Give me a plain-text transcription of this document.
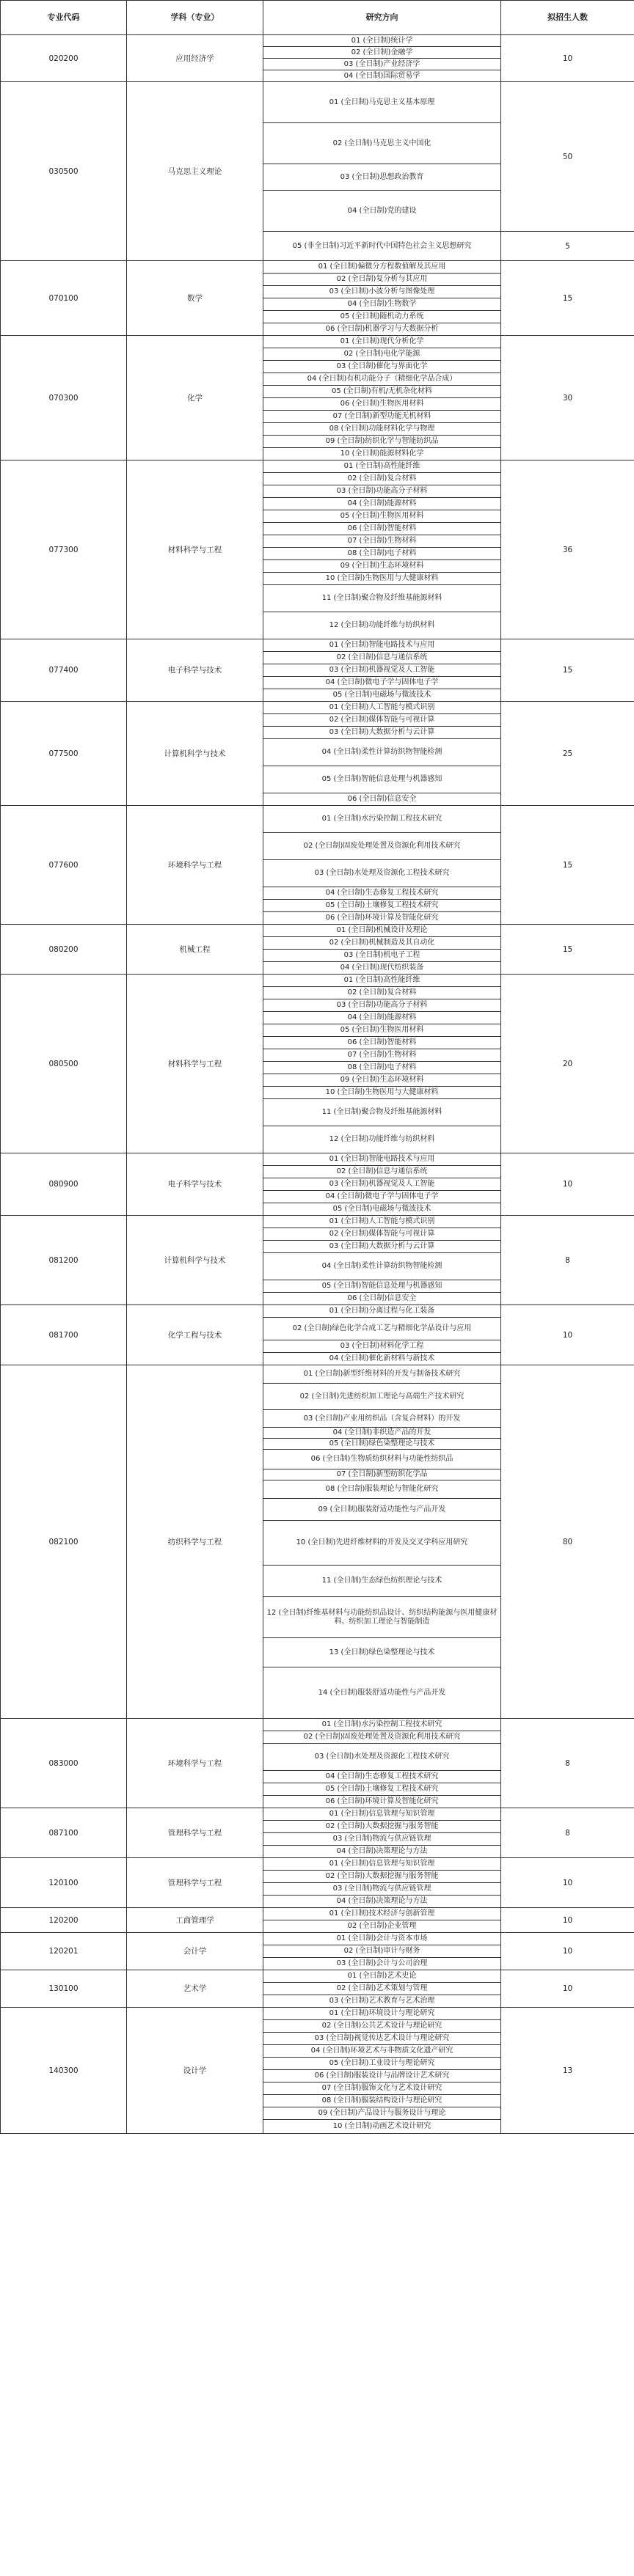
专业代码	学科（专业）	研究方向	拟招生人数
020200	应用经济学	01 (全日制)统计学	10
		02 (全日制)金融学	
		03 (全日制)产业经济学	
		04 (全日制)国际贸易学	
030500	马克思主义理论	01 (全日制)马克思主义基本原理	50
		02 (全日制)马克思主义中国化	
		03 (全日制)思想政治教育	
		04 (全日制)党的建设	
		05 (非全日制)习近平新时代中国特色社会主义思想研究	5
070100	数学	01 (全日制)偏微分方程数值解及其应用	15
		02 (全日制)复分析与其应用	
		03 (全日制)小波分析与图像处理	
		04 (全日制)生物数学	
		05 (全日制)随机动力系统	
		06 (全日制)机器学习与大数据分析	
070300	化学	01 (全日制)现代分析化学	30
		02 (全日制)电化学能源	
		03 (全日制)催化与界面化学	
		04 (全日制)有机功能分子（精细化学品合成）	
		05 (全日制)有机/无机杂化材料	
		06 (全日制)生物医用材料	
		07 (全日制)新型功能无机材料	
		08 (全日制)功能材料化学与物理	
		09 (全日制)纺织化学与智能纺织品	
		10 (全日制)能源材料化学	
077300	材料科学与工程	01 (全日制)高性能纤维	36
		02 (全日制)复合材料	
		03 (全日制)功能高分子材料	
		04 (全日制)能源材料	
		05 (全日制)生物医用材料	
		06 (全日制)智能材料	
		07 (全日制)生物材料	
		08 (全日制)电子材料	
		09 (全日制)生态环境材料	
		10 (全日制)生物医用与大健康材料	
		11 (全日制)聚合物及纤维基能源材料	
		12 (全日制)功能纤维与纺织材料	
077400	电子科学与技术	01 (全日制)智能电路技术与应用	15
		02 (全日制)信息与通信系统	
		03 (全日制)机器视觉及人工智能	
		04 (全日制)微电子学与固体电子学	
		05 (全日制)电磁场与微波技术	
077500	计算机科学与技术	01 (全日制)人工智能与模式识别	25
		02 (全日制)媒体智能与可视计算	
		03 (全日制)大数据分析与云计算	
		04 (全日制)柔性计算纺织物智能检测	
		05 (全日制)智能信息处理与机器感知	
		06 (全日制)信息安全	
077600	环境科学与工程	01 (全日制)水污染控制工程技术研究	15
		02 (全日制)固废处理处置及资源化利用技术研究	
		03 (全日制)水处理及资源化工程技术研究	
		04 (全日制)生态修复工程技术研究	
		05 (全日制)土壤修复工程技术研究	
		06 (全日制)环境计算及智能化研究	
080200	机械工程	01 (全日制)机械设计及理论	15
		02 (全日制)机械制造及其自动化	
		03 (全日制)机电子工程	
		04 (全日制)现代纺织装备	
080500	材料科学与工程	01 (全日制)高性能纤维	20
		02 (全日制)复合材料	
		03 (全日制)功能高分子材料	
		04 (全日制)能源材料	
		05 (全日制)生物医用材料	
		06 (全日制)智能材料	
		07 (全日制)生物材料	
		08 (全日制)电子材料	
		09 (全日制)生态环境材料	
		10 (全日制)生物医用与大健康材料	
		11 (全日制)聚合物及纤维基能源材料	
		12 (全日制)功能纤维与纺织材料	
080900	电子科学与技术	01 (全日制)智能电路技术与应用	10
		02 (全日制)信息与通信系统	
		03 (全日制)机器视觉及人工智能	
		04 (全日制)微电子学与固体电子学	
		05 (全日制)电磁场与微波技术	
081200	计算机科学与技术	01 (全日制)人工智能与模式识别	8
		02 (全日制)媒体智能与可视计算	
		03 (全日制)大数据分析与云计算	
		04 (全日制)柔性计算纺织物智能检测	
		05 (全日制)智能信息处理与机器感知	
		06 (全日制)信息安全	
081700	化学工程与技术	01 (全日制)分离过程与化工装备	10
		02 (全日制)绿色化学合成工艺与精细化学品设计与应用	
		03 (全日制)材料化学工程	
		04 (全日制)催化新材料与新技术	
082100	纺织科学与工程	01 (全日制)新型纤维材料的开发与制备技术研究	80
		02 (全日制)先进纺织加工理论与高端生产技术研究	
		03 (全日制)产业用纺织品（含复合材料）的开发	
		04 (全日制)非织造产品的开发	
		05 (全日制)绿色染整理论与技术	
		06 (全日制)生物质纺织材料与功能性纺织品	
		07 (全日制)新型纺织化学品	
		08 (全日制)服装理论与智能化研究	
		09 (全日制)服装舒适功能性与产品开发	
		10 (全日制)先进纤维材料的开发及交叉学科应用研究	
		11 (全日制)生态绿色纺织理论与技术	
		12 (全日制)纤维基材料与功能纺织品设计、纺织结构能源与医用健康材料、纺织加工理论与智能制造	
		13 (全日制)绿色染整理论与技术	
		14 (全日制)服装舒适功能性与产品开发	
083000	环境科学与工程	01 (全日制)水污染控制工程技术研究	8
		02 (全日制)固废处理处置及资源化利用技术研究	
		03 (全日制)水处理及资源化工程技术研究	
		04 (全日制)生态修复工程技术研究	
		05 (全日制)土壤修复工程技术研究	
		06 (全日制)环境计算及智能化研究	
087100	管理科学与工程	01 (全日制)信息管理与知识管理	8
		02 (全日制)大数据挖掘与服务智能	
		03 (全日制)物流与供应链管理	
		04 (全日制)决策理论与方法	
120100	管理科学与工程	01 (全日制)信息管理与知识管理	10
		02 (全日制)大数据挖掘与服务智能	
		03 (全日制)物流与供应链管理	
		04 (全日制)决策理论与方法	
120200	工商管理学	01 (全日制)技术经济与创新管理	10
		02 (全日制)企业管理	
120201	会计学	01 (全日制)会计与资本市场	10
		02 (全日制)审计与财务	
		03 (全日制)会计与公司治理	
130100	艺术学	01 (全日制)艺术史论	10
		02 (全日制)艺术策划与管理	
		03 (全日制)艺术教育与艺术治理	
140300	设计学	01 (全日制)环境设计与理论研究	13
		02 (全日制)公共艺术设计与理论研究	
		03 (全日制)视觉传达艺术设计与理论研究	
		04 (全日制)环境艺术与非物质文化遗产研究	
		05 (全日制)工业设计与理论研究	
		06 (全日制)服装设计与品牌设计艺术研究	
		07 (全日制)服饰文化与艺术设计研究	
		08 (全日制)服装结构设计与理论研究	
		09 (全日制)产品设计与服务设计与理论	
		10 (全日制)动画艺术设计研究	
